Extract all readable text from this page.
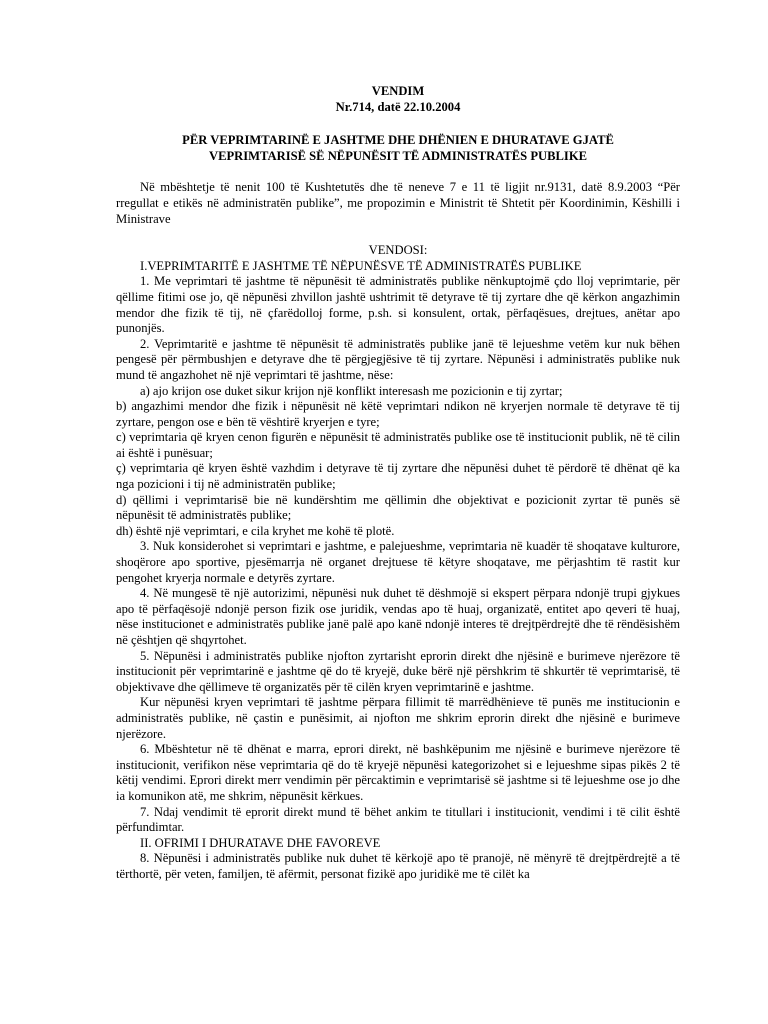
VENDIM
Nr.714, datë 22.10.2004
PËR VEPRIMTARINË E JASHTME DHE DHËNIEN E DHURATAVE GJATË
VEPRIMTARISË SË NËPUNËSIT TË ADMINISTRATËS PUBLIKE

Në mbështetje të nenit 100 të Kushtetutës dhe të neneve 7 e 11 të ligjit nr.9131, datë 8.9.2003 “Për rregullat e etikës në administratën publike”, me propozimin e Ministrit të Shtetit për Koordinimin, Këshilli i Ministrave

VENDOSI:

I.VEPRIMTARITË E JASHTME TË NËPUNËSVE TË ADMINISTRATËS PUBLIKE

1. Me veprimtari të jashtme të nëpunësit të administratës publike nënkuptojmë çdo lloj veprimtarie, për qëllime fitimi ose jo, që nëpunësi zhvillon jashtë ushtrimit të detyrave të tij zyrtare dhe që kërkon angazhimin mendor dhe fizik të tij, në çfarëdolloj forme, p.sh. si konsulent, ortak, përfaqësues, drejtues, anëtar apo punonjës.

2. Veprimtaritë e jashtme të nëpunësit të administratës publike janë të lejueshme vetëm kur nuk bëhen pengesë për përmbushjen e detyrave dhe të përgjegjësive të tij zyrtare. Nëpunësi i administratës publike nuk mund të angazhohet në një veprimtari të jashtme, nëse:

a) ajo krijon ose duket sikur krijon një konflikt interesash me pozicionin e tij zyrtar;

b) angazhimi mendor dhe fizik i nëpunësit në këtë veprimtari ndikon në kryerjen normale të detyrave të tij zyrtare, pengon ose e bën të vështirë kryerjen e tyre;

c) veprimtaria që kryen cenon figurën e nëpunësit të administratës publike ose të institucionit publik, në të cilin ai është i punësuar;

ç) veprimtaria që kryen është vazhdim i detyrave të tij zyrtare dhe nëpunësi duhet të përdorë të dhënat që ka nga pozicioni i tij në administratën publike;

d) qëllimi i veprimtarisë bie në kundërshtim me qëllimin dhe objektivat e pozicionit zyrtar të punës së nëpunësit të administratës publike;

dh) është një veprimtari, e cila kryhet me kohë të plotë.

3. Nuk konsiderohet si veprimtari e jashtme, e palejueshme, veprimtaria në kuadër të shoqatave kulturore, shoqërore apo sportive, pjesëmarrja në organet drejtuese të këtyre shoqatave, me përjashtim të rastit kur pengohet kryerja normale e detyrës zyrtare.

4. Në mungesë të një autorizimi, nëpunësi nuk duhet të dëshmojë si ekspert përpara ndonjë trupi gjykues apo të përfaqësojë ndonjë person fizik ose juridik, vendas apo të huaj, organizatë, entitet apo qeveri të huaj, nëse institucionet e administratës publike janë palë apo kanë ndonjë interes të drejtpërdrejtë dhe të rëndësishëm në çështjen që shqyrtohet.

5. Nëpunësi i administratës publike njofton zyrtarisht eprorin direkt dhe njësinë e burimeve njerëzore të institucionit për veprimtarinë e jashtme që do të kryejë, duke bërë një përshkrim të shkurtër të veprimtarisë, të objektivave dhe qëllimeve të organizatës për të cilën kryen veprimtarinë e jashtme.

Kur nëpunësi kryen veprimtari të jashtme përpara fillimit të marrëdhënieve të punës me institucionin e administratës publike, në çastin e punësimit, ai njofton me shkrim eprorin direkt dhe njësinë e burimeve njerëzore.

6. Mbështetur në të dhënat e marra, eprori direkt, në bashkëpunim me njësinë e burimeve njerëzore të institucionit, verifikon nëse veprimtaria që do të kryejë nëpunësi kategorizohet si e lejueshme sipas pikës 2 të këtij vendimi. Eprori direkt merr vendimin për përcaktimin e veprimtarisë së jashtme si të lejueshme ose jo dhe ia komunikon atë, me shkrim, nëpunësit kërkues.

7. Ndaj vendimit të eprorit direkt mund të bëhet ankim te titullari i institucionit, vendimi i të cilit është përfundimtar.

II. OFRIMI I DHURATAVE DHE FAVOREVE

8. Nëpunësi i administratës publike nuk duhet të kërkojë apo të pranojë, në mënyrë të drejtpërdrejtë a të tërthortë, për veten, familjen, të afërmit, personat fizikë apo juridikë me të cilët ka
